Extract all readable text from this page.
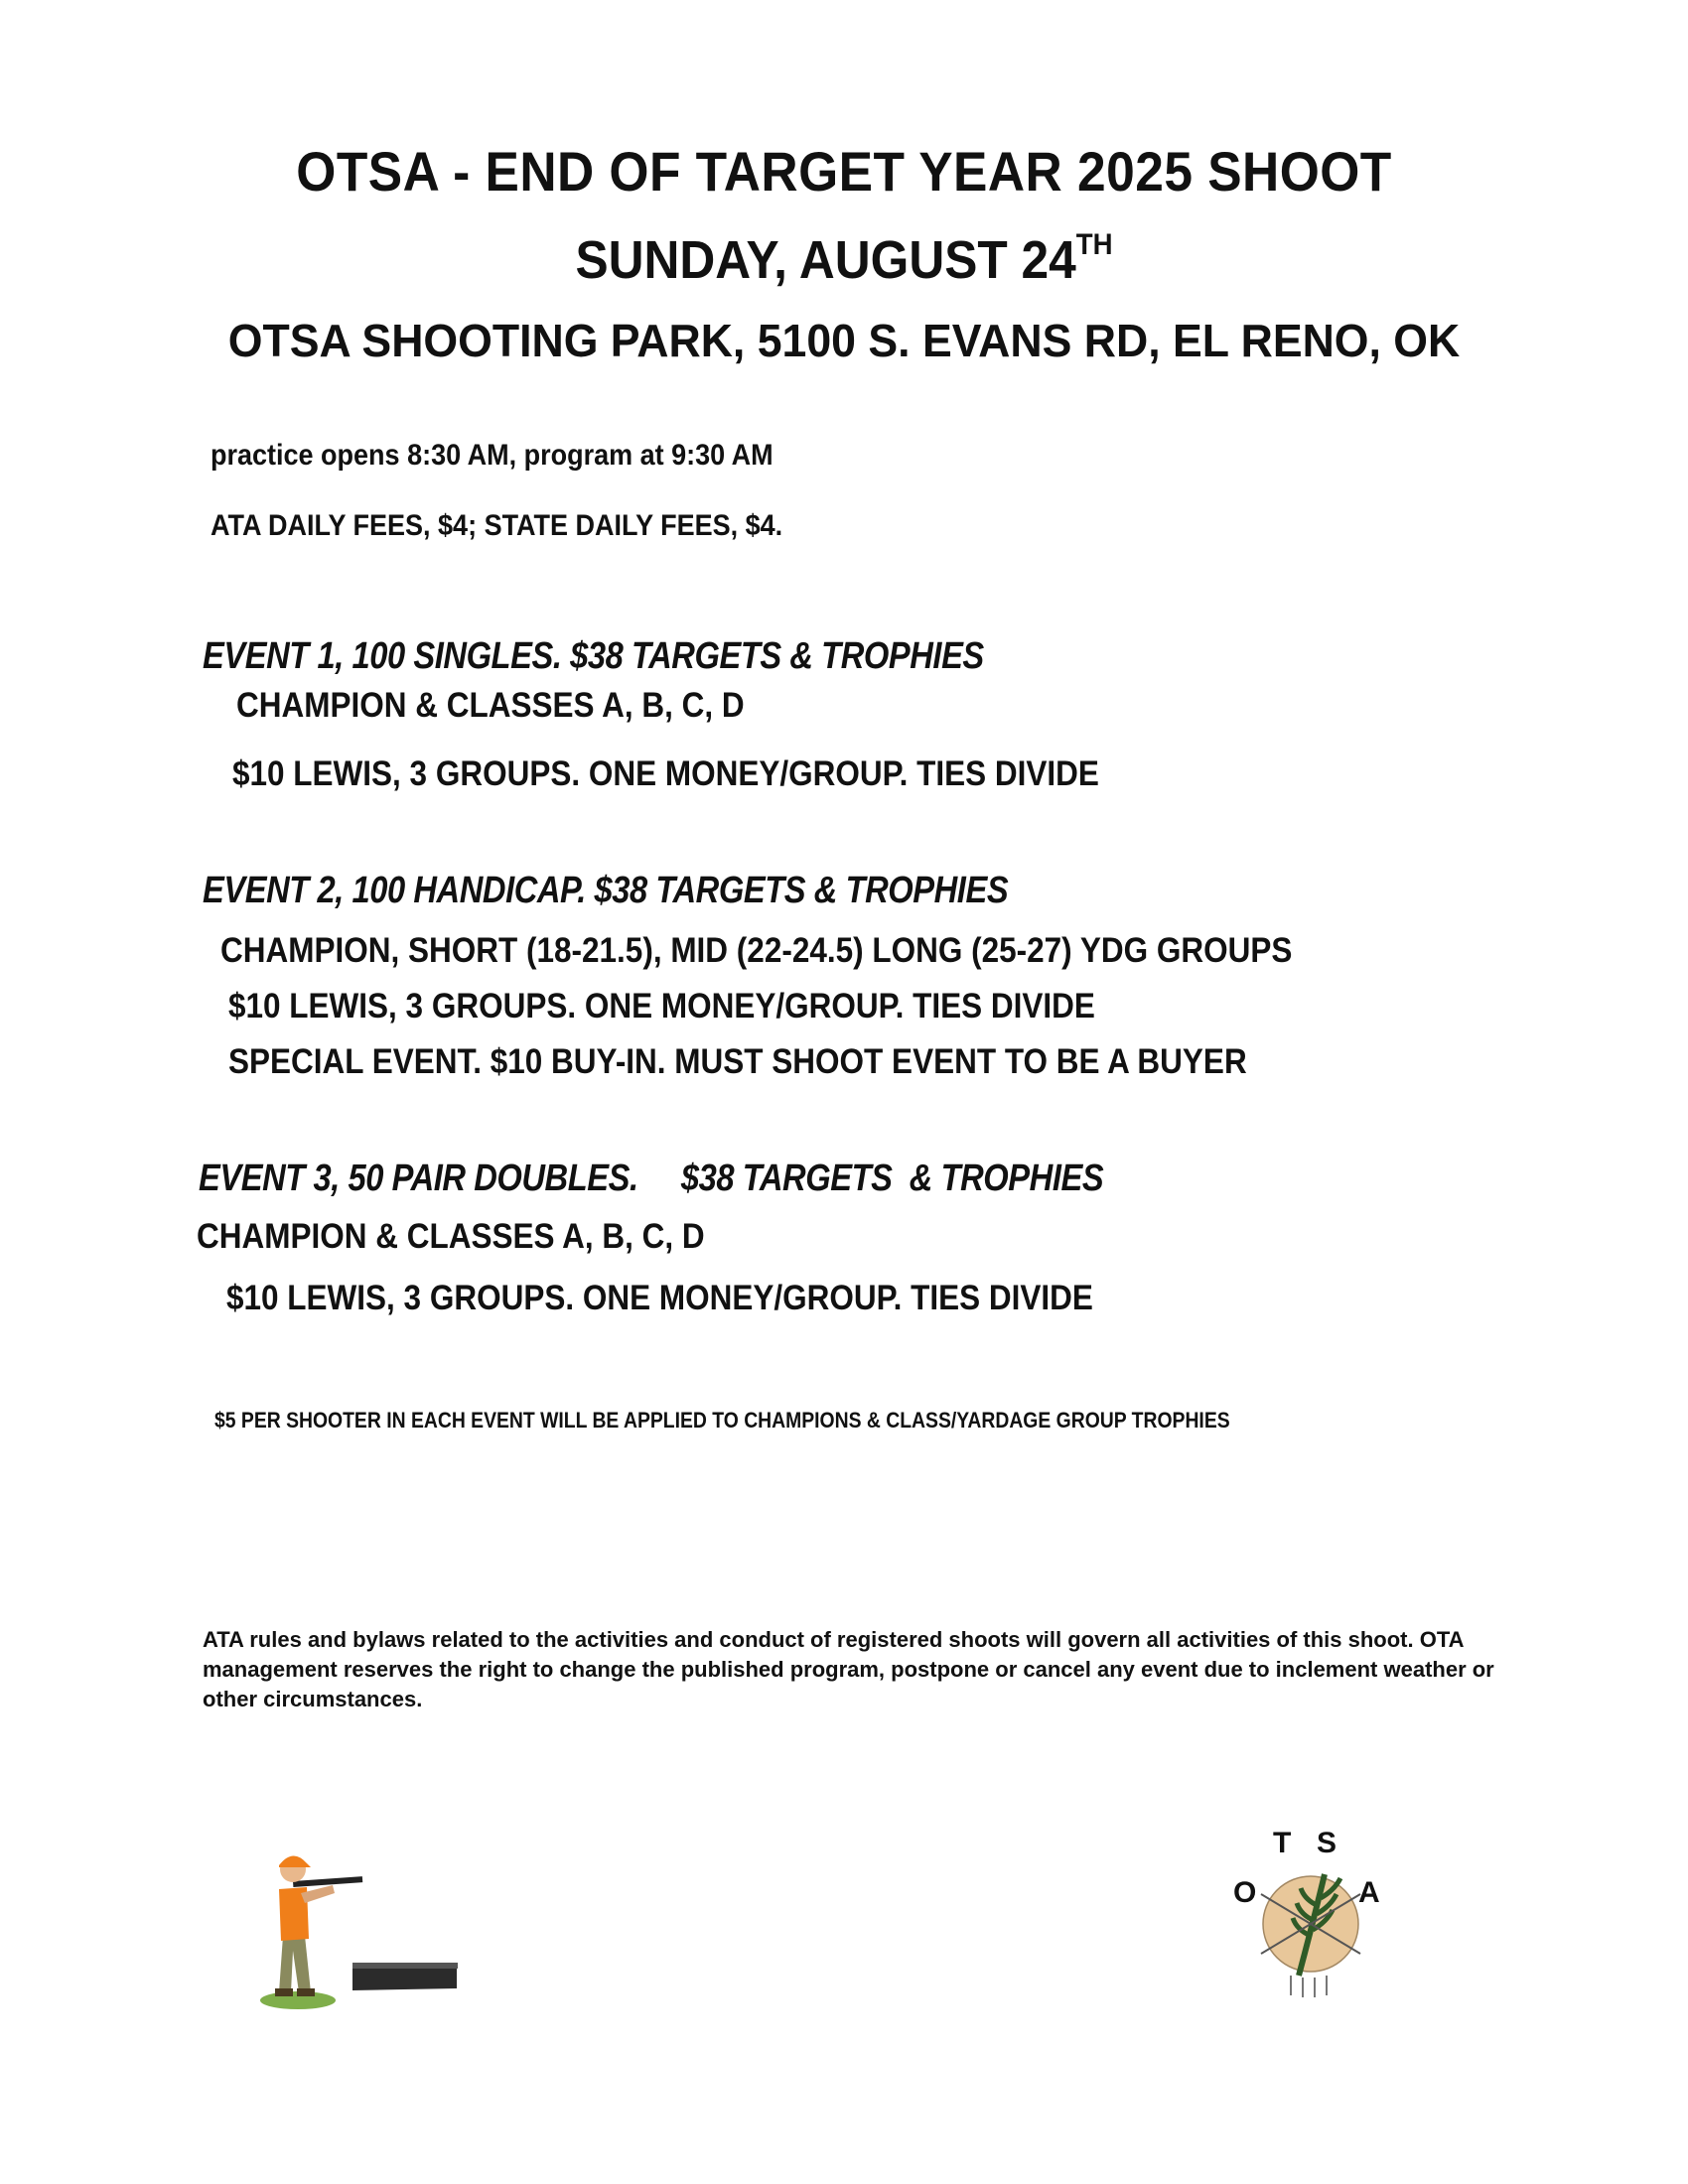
OTSA - END OF TARGET YEAR 2025 SHOOT
SUNDAY, AUGUST 24TH
OTSA SHOOTING PARK, 5100 S. EVANS RD, EL RENO, OK
practice opens 8:30 AM, program at 9:30 AM
ATA DAILY FEES, $4; STATE DAILY FEES, $4.
EVENT 1, 100 SINGLES. $38 TARGETS & TROPHIES
CHAMPION & CLASSES A, B, C, D
$10 LEWIS, 3 GROUPS. ONE MONEY/GROUP. TIES DIVIDE
EVENT 2, 100 HANDICAP. $38 TARGETS & TROPHIES
CHAMPION, SHORT (18-21.5), MID (22-24.5) LONG (25-27) YDG GROUPS
$10 LEWIS, 3 GROUPS. ONE MONEY/GROUP. TIES DIVIDE
SPECIAL EVENT. $10 BUY-IN. MUST SHOOT EVENT TO BE A BUYER
EVENT 3, 50 PAIR DOUBLES.     $38 TARGETS  & TROPHIES
CHAMPION & CLASSES A, B, C, D
$10 LEWIS, 3 GROUPS. ONE MONEY/GROUP. TIES DIVIDE
$5 PER SHOOTER IN EACH EVENT WILL BE APPLIED TO CHAMPIONS & CLASS/YARDAGE GROUP TROPHIES
ATA rules and bylaws related to the activities and conduct of registered shoots will govern all activities of this shoot. OTA management reserves the right to change the published program, postpone or cancel any event due to inclement weather or other circumstances.
O
T S
A
